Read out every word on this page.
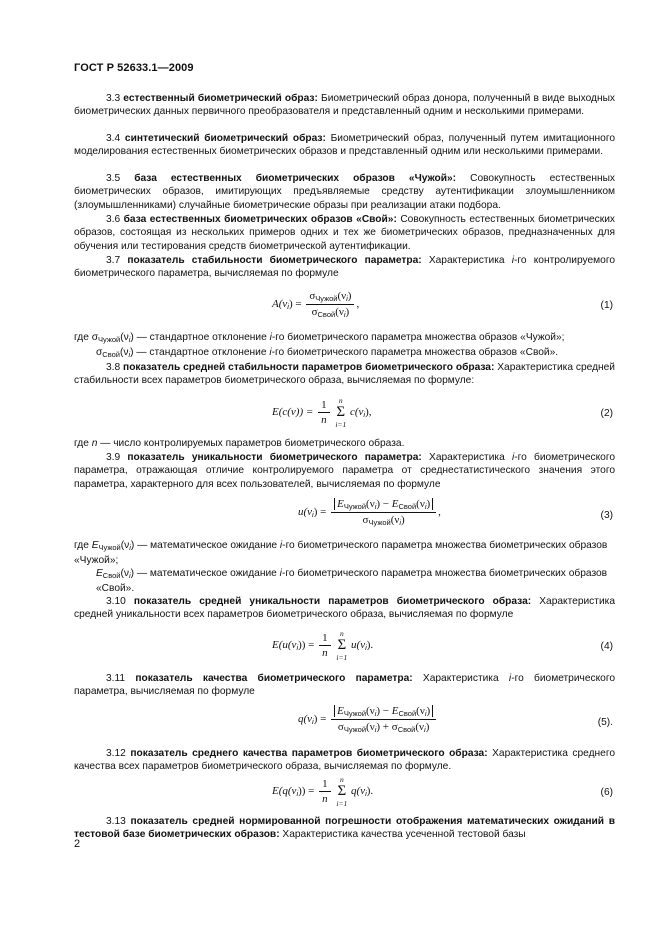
ГОСТ Р 52633.1—2009
3.3 естественный биометрический образ: Биометрический образ донора, полученный в виде выходных биометрических данных первичного преобразователя и представленный одним и несколькими примерами.
3.4 синтетический биометрический образ: Биометрический образ, полученный путем имитационного моделирования естественных биометрических образов и представленный одним или несколькими примерами.
3.5 база естественных биометрических образов «Чужой»: Совокупность естественных биометрических образов, имитирующих предъявляемые средству аутентификации злоумышленником (злоумышленниками) случайные биометрические образы при реализации атаки подбора.
3.6 база естественных биометрических образов «Свой»: Совокупность естественных биометрических образов, состоящая из нескольких примеров одних и тех же биометрических образов, предназначенных для обучения или тестирования средств биометрической аутентификации.
3.7 показатель стабильности биометрического параметра: Характеристика i-го контролируемого биометрического параметра, вычисляемая по формуле
$A(\nu_i) = \frac{\sigma_{Чужой}(\nu_i)}{\sigma_{Свой}(\nu_i)}$ ,	(1)
где $\sigma_{Чужой}(\nu_i)$ — стандартное отклонение i-го биометрического параметра множества образов «Чужой»;
$\sigma_{Свой}(\nu_i)$ — стандартное отклонение i-го биометрического параметра множества образов «Свой».
3.8 показатель средней стабильности параметров биометрического образа: Характеристика средней стабильности всех параметров биометрического образа, вычисляемая по формуле:
$E(c(\nu)) = \frac{1}{n}$
	n
Σ
i=1
$c(\nu_i)$,	(2)
где n — число контролируемых параметров биометрического образа.
3.9 показатель уникальности биометрического параметра: Характеристика i-го биометрического параметра, отражающая отличие контролируемого параметра от среднестатистического значения этого параметра, характерного для всех пользователей, вычисляемая по формуле
$u(\nu_i) = \frac{E_{Чужой}(\nu_i) - E_{Свой}(\nu_i)}{\sigma_{Чужой}(\nu_i)}$ ,	(3)
где $E_{Чужой}(\nu_i)$ — математическое ожидание i-го биометрического параметра множества биометрических образов «Чужой»;
$E_{Свой}(\nu_i)$ — математическое ожидание i-го биометрического параметра множества биометрических образов «Свой».
3.10 показатель средней уникальности параметров биометрического образа: Характеристика средней уникальности всех параметров биометрического образа, вычисляемая по формуле
$E(u(\nu_i)) = \frac{1}{n}$
	n
Σ
i=1
$u(\nu_i)$.	(4)
3.11 показатель качества биометрического параметра: Характеристика i-го биометрического параметра, вычисляемая по формуле
$q(\nu_i) = \frac{E_{Чужой}(\nu_i) - E_{Свой}(\nu_i)}{\sigma_{Чужой}(\nu_i) + \sigma_{Свой}(\nu_i)}$	(5).
3.12 показатель среднего качества параметров биометрического образа: Характеристика среднего качества всех параметров биометрического образа, вычисляемая по формуле.
$E(q(\nu_i)) = \frac{1}{n}$
	n
Σ
i=1
$q(\nu_i)$.	(6)
3.13 показатель средней нормированной погрешности отображения математических ожиданий в тестовой базе биометрических образов: Характеристика качества усеченной тестовой базы
2
